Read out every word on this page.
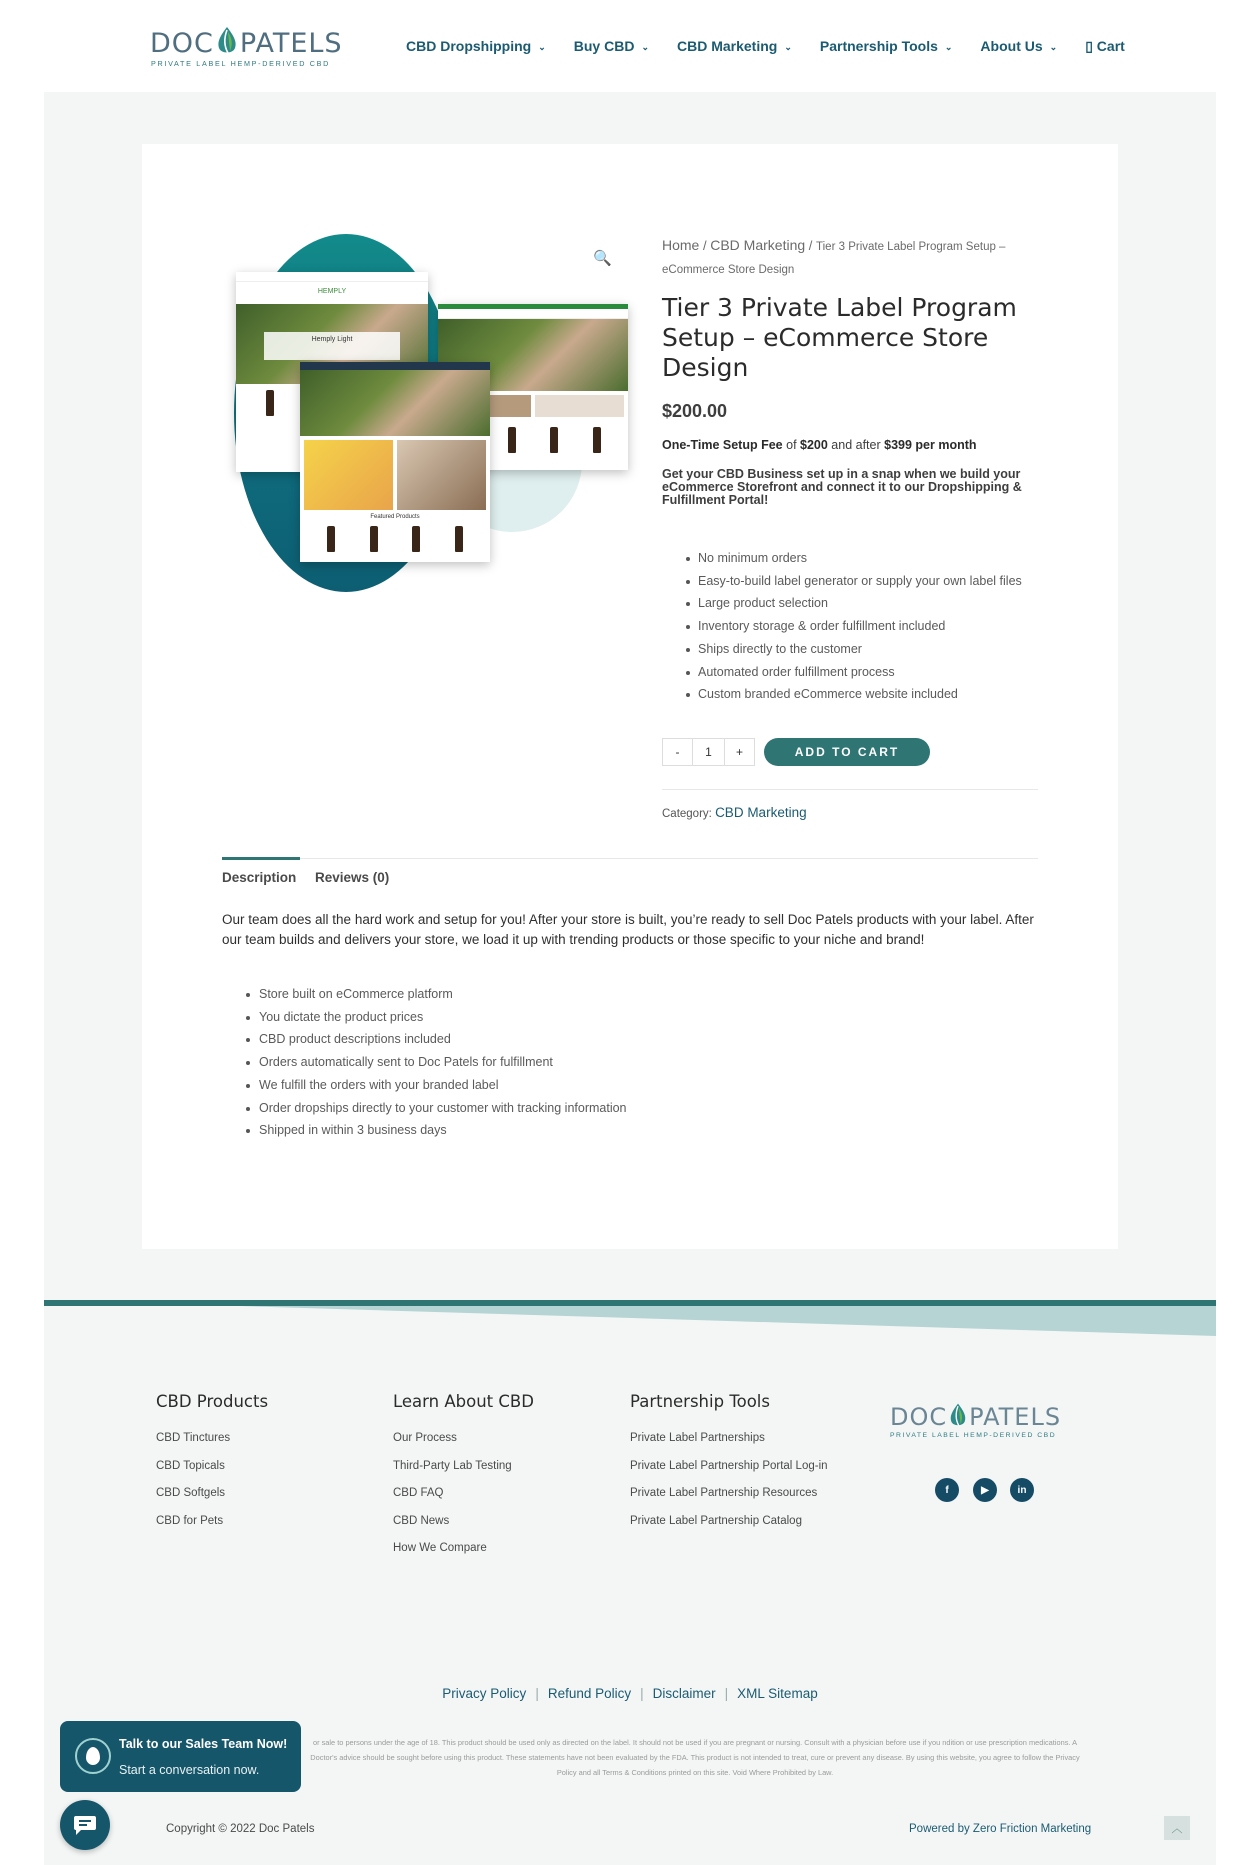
DOC PATELS
PRIVATE LABEL HEMP-DERIVED CBD
CBD Dropshipping ⌄ Buy CBD ⌄ CBD Marketing ⌄ Partnership Tools ⌄ About Us ⌄ ▯ Cart
HEMPLY
Hemply Light
Featured Products
🔍
Home / CBD Marketing / Tier 3 Private Label Program Setup – eCommerce Store Design
Tier 3 Private Label Program Setup – eCommerce Store Design
$200.00
One-Time Setup Fee of $200 and after $399 per month
Get your CBD Business set up in a snap when we build your eCommerce Storefront and connect it to our Dropshipping & Fulfillment Portal!
No minimum orders
Easy-to-build label generator or supply your own label files
Large product selection
Inventory storage & order fulfillment included
Ships directly to the customer
Automated order fulfillment process
Custom branded eCommerce website included
-	1	+	ADD TO CART
Category: CBD Marketing
Description Reviews (0)
Our team does all the hard work and setup for you! After your store is built, you’re ready to sell Doc Patels products with your label. After our team builds and delivers your store, we load it up with trending products or those specific to your niche and brand!
Store built on eCommerce platform
You dictate the product prices
CBD product descriptions included
Orders automatically sent to Doc Patels for fulfillment
We fulfill the orders with your branded label
Order dropships directly to your customer with tracking information
Shipped in within 3 business days
CBD Products
CBD Tinctures
CBD Topicals
CBD Softgels
CBD for Pets
Learn About CBD
Our Process
Third-Party Lab Testing
CBD FAQ
CBD News
How We Compare
Partnership Tools
Private Label Partnerships
Private Label Partnership Portal Log-in
Private Label Partnership Resources
Private Label Partnership Catalog
DOC PATELS
PRIVATE LABEL HEMP-DERIVED CBD
f	▶	in
Privacy Policy | Refund Policy | Disclaimer | XML Sitemap
or sale to persons under the age of 18. This product should be used only as directed on the label. It should not be used if you are pregnant or nursing. Consult with a physician before use if you ndition or use prescription medications. A Doctor's advice should be sought before using this product. These statements have not been evaluated by the FDA. This product is not intended to treat, cure or prevent any disease. By using this website, you agree to follow the Privacy Policy and all Terms & Conditions printed on this site. Void Where Prohibited by Law.
Copyright © 2022 Doc Patels	Powered by Zero Friction Marketing	︿
Talk to our Sales Team Now!
Start a conversation now.
